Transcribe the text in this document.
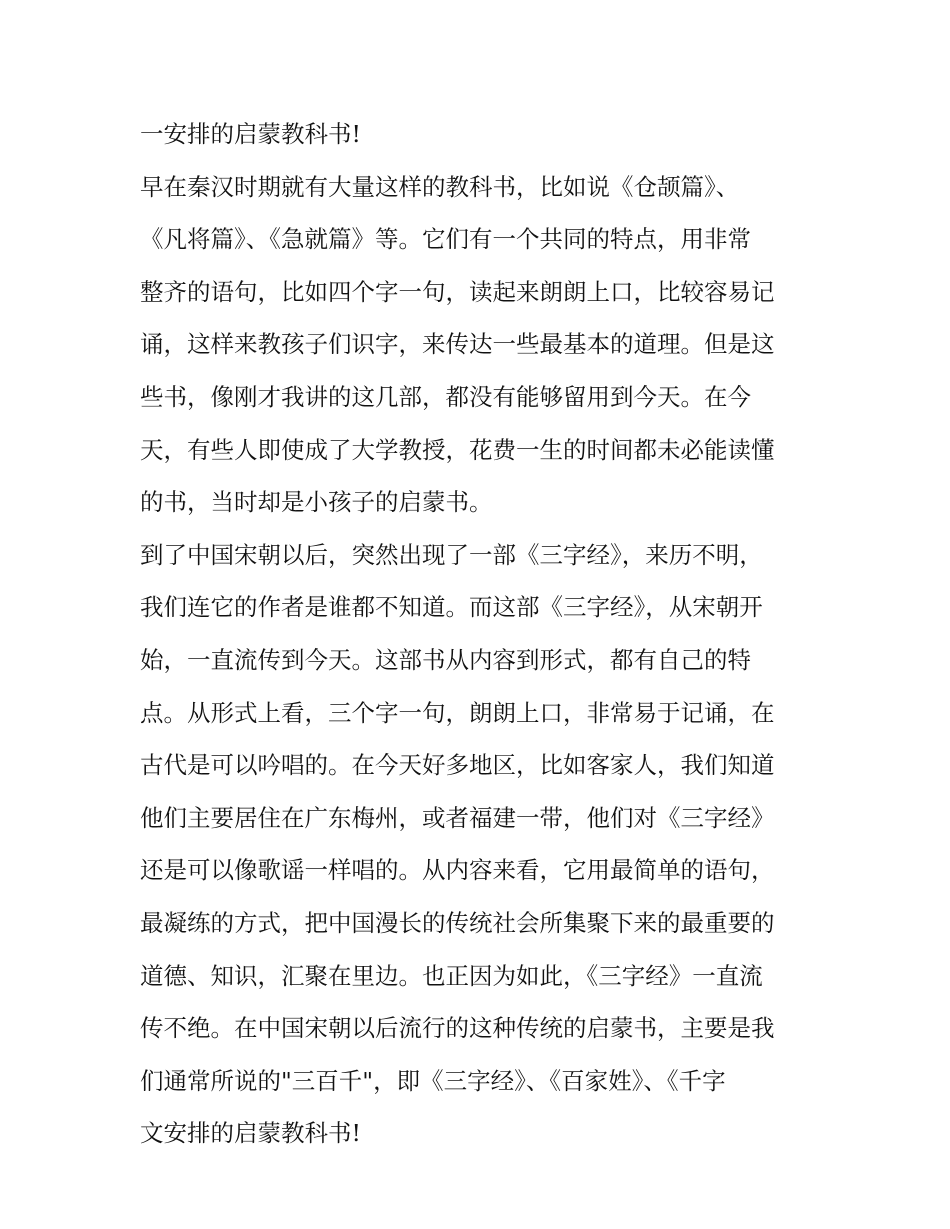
一安排的启蒙教科书!
早在秦汉时期就有大量这样的教科书，比如说《仓颉篇》、
《凡将篇》、《急就篇》等。它们有一个共同的特点，用非常
整齐的语句，比如四个字一句，读起来朗朗上口，比较容易记
诵，这样来教孩子们识字，来传达一些最基本的道理。但是这
些书，像刚才我讲的这几部，都没有能够留用到今天。在今
天，有些人即使成了大学教授，花费一生的时间都未必能读懂
的书，当时却是小孩子的启蒙书。
到了中国宋朝以后，突然出现了一部《三字经》，来历不明，
我们连它的作者是谁都不知道。而这部《三字经》，从宋朝开
始，一直流传到今天。这部书从内容到形式，都有自己的特
点。从形式上看，三个字一句，朗朗上口，非常易于记诵，在
古代是可以吟唱的。在今天好多地区，比如客家人，我们知道
他们主要居住在广东梅州，或者福建一带，他们对《三字经》
还是可以像歌谣一样唱的。从内容来看，它用最简单的语句，
最凝练的方式，把中国漫长的传统社会所集聚下来的最重要的
道德、知识，汇聚在里边。也正因为如此，《三字经》一直流
传不绝。在中国宋朝以后流行的这种传统的启蒙书，主要是我
们通常所说的"三百千"，即《三字经》、《百家姓》、《千字
文安排的启蒙教科书!
